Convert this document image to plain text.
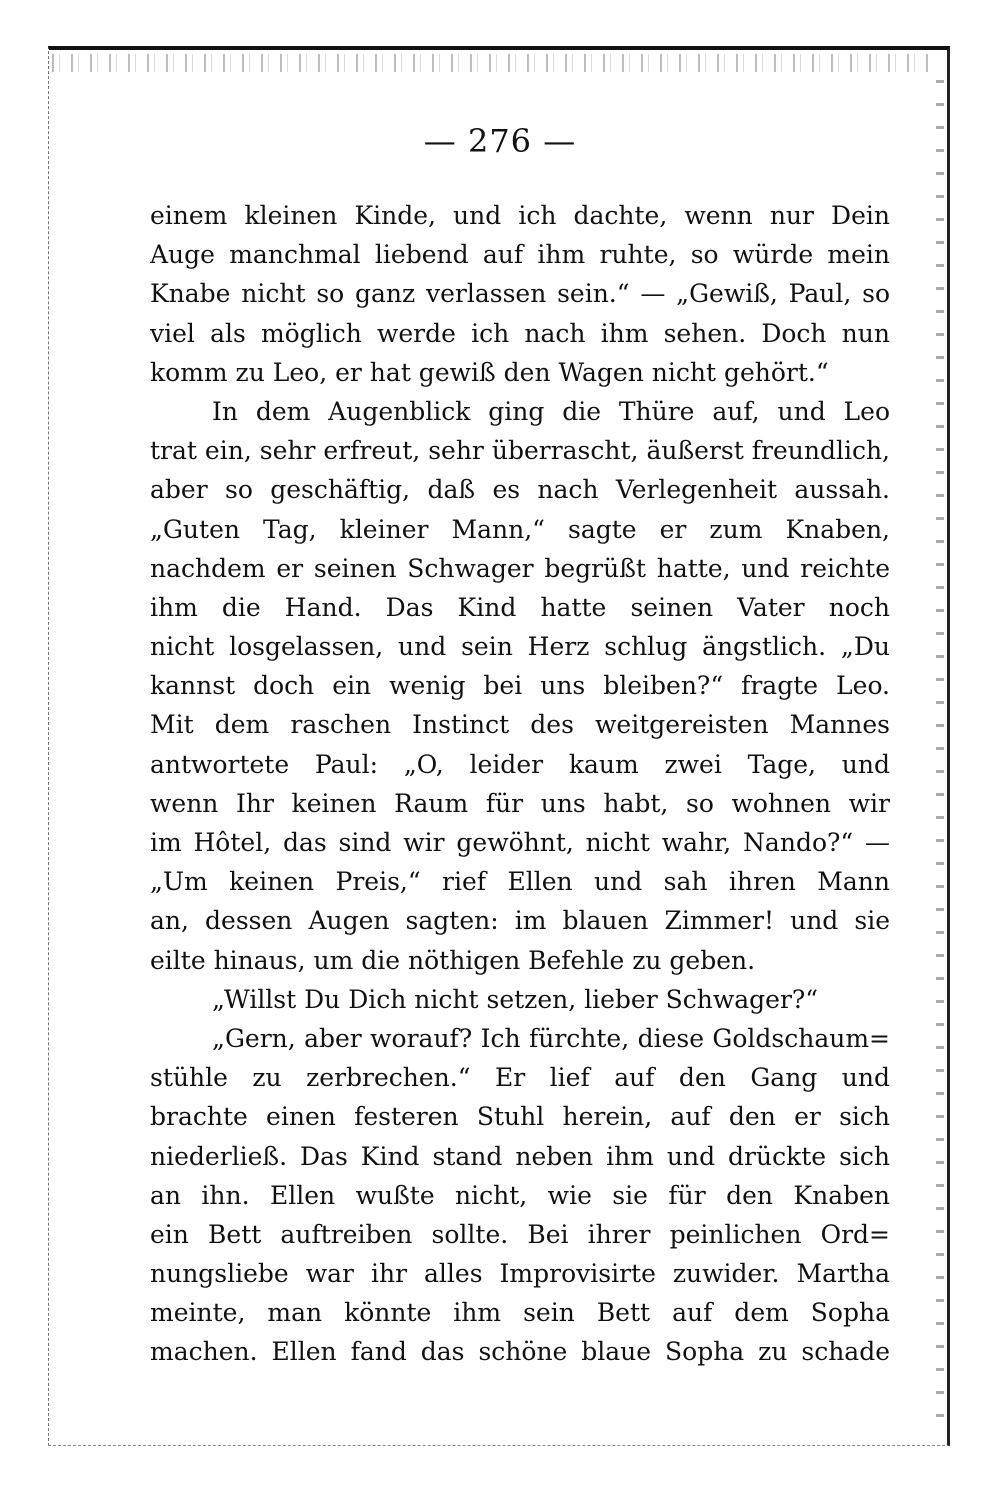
— 276 —
einem kleinen Kinde, und ich dachte, wenn nur Dein
Auge manchmal liebend auf ihm ruhte, so würde mein
Knabe nicht so ganz verlassen sein.“ — „Gewiß, Paul, so
viel als möglich werde ich nach ihm sehen. Doch nun
komm zu Leo, er hat gewiß den Wagen nicht gehört.“
In dem Augenblick ging die Thüre auf, und Leo
trat ein, sehr erfreut, sehr überrascht, äußerst freundlich,
aber so geschäftig, daß es nach Verlegenheit aussah.
„Guten Tag, kleiner Mann,“ sagte er zum Knaben,
nachdem er seinen Schwager begrüßt hatte, und reichte
ihm die Hand. Das Kind hatte seinen Vater noch
nicht losgelassen, und sein Herz schlug ängstlich. „Du
kannst doch ein wenig bei uns bleiben?“ fragte Leo.
Mit dem raschen Instinct des weitgereisten Mannes
antwortete Paul: „O, leider kaum zwei Tage, und
wenn Ihr keinen Raum für uns habt, so wohnen wir
im Hôtel, das sind wir gewöhnt, nicht wahr, Nando?“ —
„Um keinen Preis,“ rief Ellen und sah ihren Mann
an, dessen Augen sagten: im blauen Zimmer! und sie
eilte hinaus, um die nöthigen Befehle zu geben.
„Willst Du Dich nicht setzen, lieber Schwager?“
„Gern, aber worauf? Ich fürchte, diese Goldschaum=
stühle zu zerbrechen.“ Er lief auf den Gang und
brachte einen festeren Stuhl herein, auf den er sich
niederließ. Das Kind stand neben ihm und drückte sich
an ihn. Ellen wußte nicht, wie sie für den Knaben
ein Bett auftreiben sollte. Bei ihrer peinlichen Ord=
nungsliebe war ihr alles Improvisirte zuwider. Martha
meinte, man könnte ihm sein Bett auf dem Sopha
machen. Ellen fand das schöne blaue Sopha zu schade
